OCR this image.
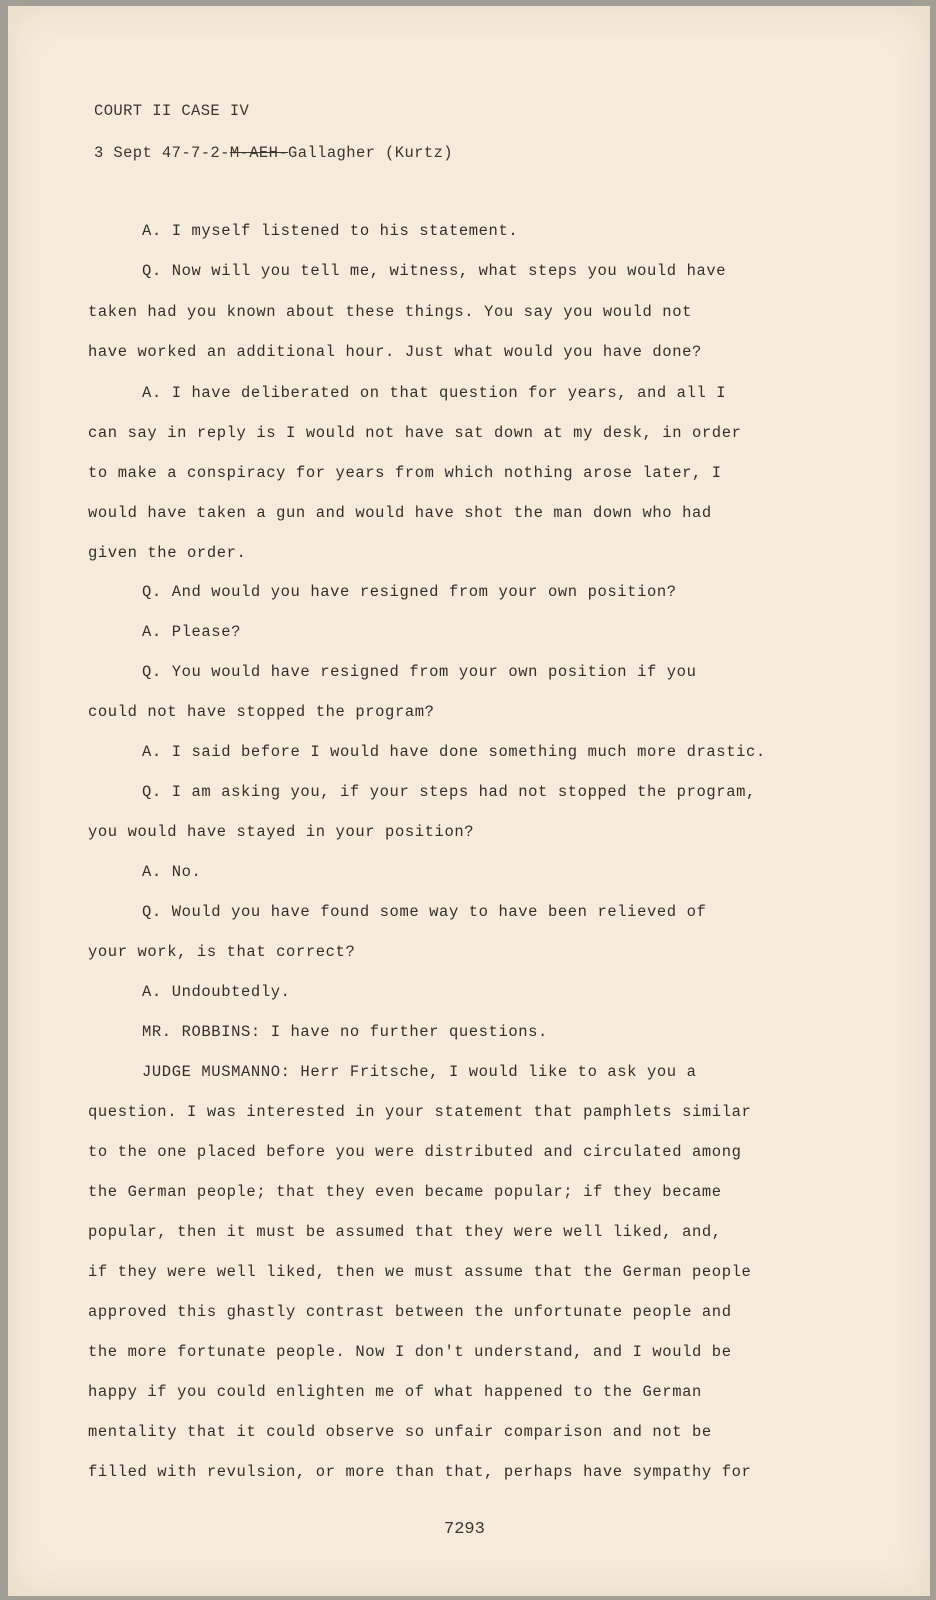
COURT II CASE IV
3 Sept 47-7-2-M-AEH-Gallagher (Kurtz)
A. I myself listened to his statement.
Q. Now will you tell me, witness, what steps you would have
taken had you known about these things. You say you would not
have worked an additional hour. Just what would you have done?
A. I have deliberated on that question for years, and all I
can say in reply is I would not have sat down at my desk, in order
to make a conspiracy for years from which nothing arose later, I
would have taken a gun and would have shot the man down who had
given the order.
Q. And would you have resigned from your own position?
A. Please?
Q. You would have resigned from your own position if you
could not have stopped the program?
A. I said before I would have done something much more drastic.
Q. I am asking you, if your steps had not stopped the program,
you would have stayed in your position?
A. No.
Q. Would you have found some way to have been relieved of
your work, is that correct?
A. Undoubtedly.
MR. ROBBINS: I have no further questions.
JUDGE MUSMANNO: Herr Fritsche, I would like to ask you a
question. I was interested in your statement that pamphlets similar
to the one placed before you were distributed and circulated among
the German people; that they even became popular; if they became
popular, then it must be assumed that they were well liked, and,
if they were well liked, then we must assume that the German people
approved this ghastly contrast between the unfortunate people and
the more fortunate people. Now I don't understand, and I would be
happy if you could enlighten me of what happened to the German
mentality that it could observe so unfair comparison and not be
filled with revulsion, or more than that, perhaps have sympathy for
7293
